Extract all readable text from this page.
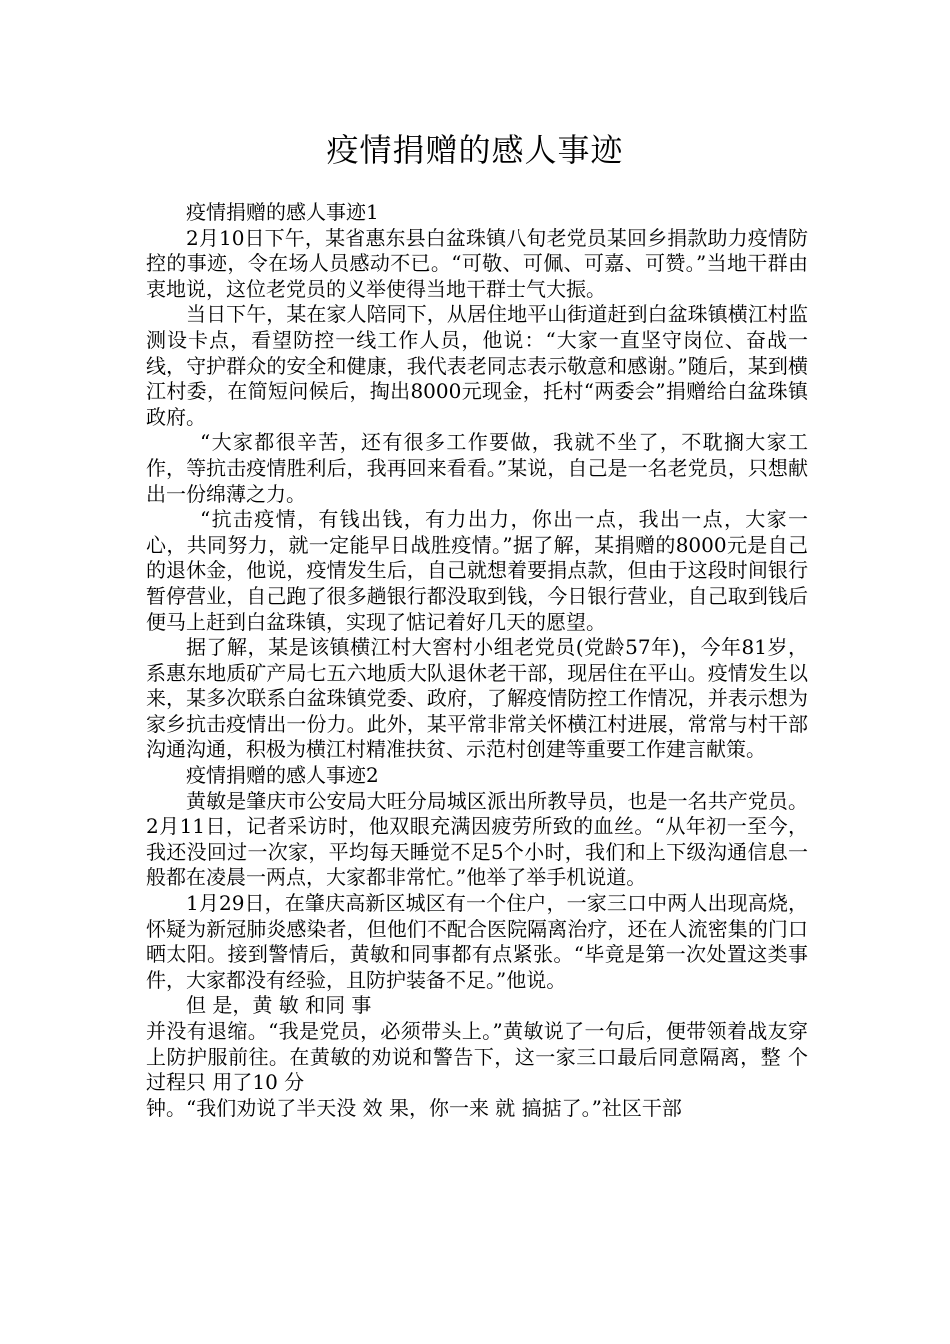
疫情捐赠的感人事迹

疫情捐赠的感人事迹1

2月10日下午，某省惠东县白盆珠镇八旬老党员某回乡捐款助力疫情防控的事迹，令在场人员感动不已。“可敬、可佩、可嘉、可赞。”当地干群由衷地说，这位老党员的义举使得当地干群士气大振。

当日下午，某在家人陪同下，从居住地平山街道赶到白盆珠镇横江村监测设卡点，看望防控一线工作人员，他说：“大家一直坚守岗位、奋战一线，守护群众的安全和健康，我代表老同志表示敬意和感谢。”随后，某到横江村委，在简短问候后，掏出8000元现金，托村“两委会”捐赠给白盆珠镇政府。

“大家都很辛苦，还有很多工作要做，我就不坐了，不耽搁大家工作，等抗击疫情胜利后，我再回来看看。”某说，自己是一名老党员，只想献出一份绵薄之力。

“抗击疫情，有钱出钱，有力出力，你出一点，我出一点，大家一心，共同努力，就一定能早日战胜疫情。”据了解，某捐赠的8000元是自己的退休金，他说，疫情发生后，自己就想着要捐点款，但由于这段时间银行暂停营业，自己跑了很多趟银行都没取到钱，今日银行营业，自己取到钱后便马上赶到白盆珠镇，实现了惦记着好几天的愿望。

据了解，某是该镇横江村大窖村小组老党员(党龄57年)，今年81岁，系惠东地质矿产局七五六地质大队退休老干部，现居住在平山。疫情发生以来，某多次联系白盆珠镇党委、政府，了解疫情防控工作情况，并表示想为家乡抗击疫情出一份力。此外，某平常非常关怀横江村进展，常常与村干部沟通沟通，积极为横江村精准扶贫、示范村创建等重要工作建言献策。

疫情捐赠的感人事迹2

黄敏是肇庆市公安局大旺分局城区派出所教导员，也是一名共产党员。2月11日，记者采访时，他双眼充满因疲劳所致的血丝。“从年初一至今，我还没回过一次家，平均每天睡觉不足5个小时，我们和上下级沟通信息一般都在凌晨一两点，大家都非常忙。”他举了举手机说道。

1月29日，在肇庆高新区城区有一个住户，一家三口中两人出现高烧，怀疑为新冠肺炎感染者，但他们不配合医院隔离治疗，还在人流密集的门口晒太阳。接到警情后，黄敏和同事都有点紧张。“毕竟是第一次处置这类事件，大家都没有经验，且防护装备不足。”他说。

但 是，黄 敏 和同 事

并没有退缩。“我是党员，必须带头上。”黄敏说了一句后，便带领着战友穿上防护服前往。在黄敏的劝说和警告下，这一家三口最后同意隔离，整 个 过程只 用了10 分

钟。“我们劝说了半天没 效 果，你一来 就 搞掂了。”社区干部
